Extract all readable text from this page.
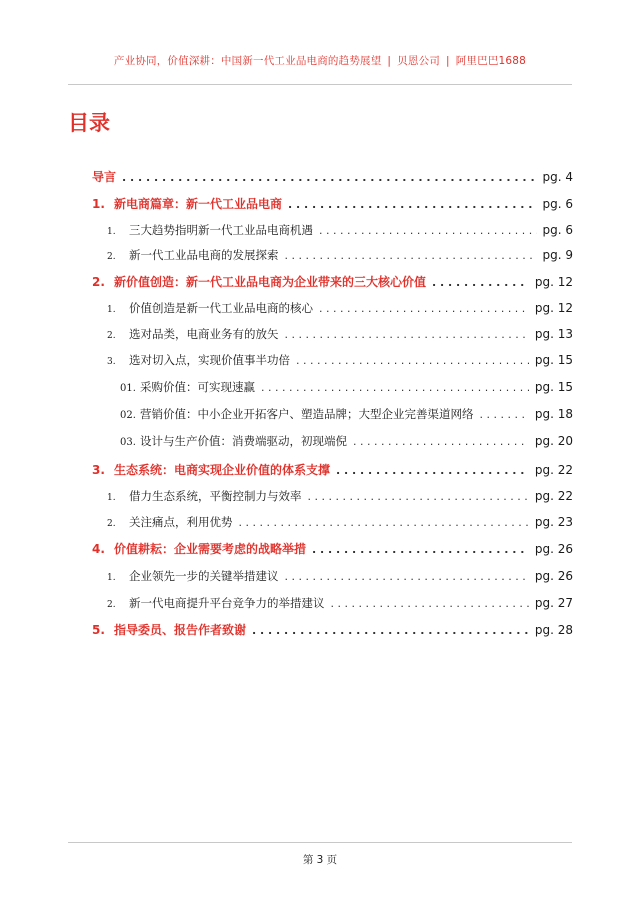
产业协同，价值深耕：中国新一代工业品电商的趋势展望 | 贝恩公司 | 阿里巴巴1688
目录
导言 . . .	pg. 4
1. 新电商篇章：新一代工业品电商 . . .	pg. 6
1.	三大趋势指明新一代工业品电商机遇 . . .	pg. 6
2.	新一代工业品电商的发展探索 . . .	pg. 9
2. 新价值创造：新一代工业品电商为企业带来的三大核心价值 . . .	pg. 12
1.	价值创造是新一代工业品电商的核心 . . .	pg. 12
2.	选对品类，电商业务有的放矢 . . .	pg. 13
3.	选对切入点，实现价值事半功倍 . . .	pg. 15
01. 采购价值：可实现速赢 . . .	pg. 15
02. 营销价值：中小企业开拓客户、塑造品牌；大型企业完善渠道网络 . . .	pg. 18
03. 设计与生产价值：消费端驱动，初现端倪 . . .	pg. 20
3. 生态系统：电商实现企业价值的体系支撑 . . .	pg. 22
1.	借力生态系统，平衡控制力与效率 . . .	pg. 22
2.	关注痛点，利用优势 . . .	pg. 23
4. 价值耕耘：企业需要考虑的战略举措 . . .	pg. 26
1.	企业领先一步的关键举措建议 . . .	pg. 26
2.	新一代电商提升平台竞争力的举措建议 . . .	pg. 27
5. 指导委员、报告作者致谢 . . .	pg. 28
第 3 页
